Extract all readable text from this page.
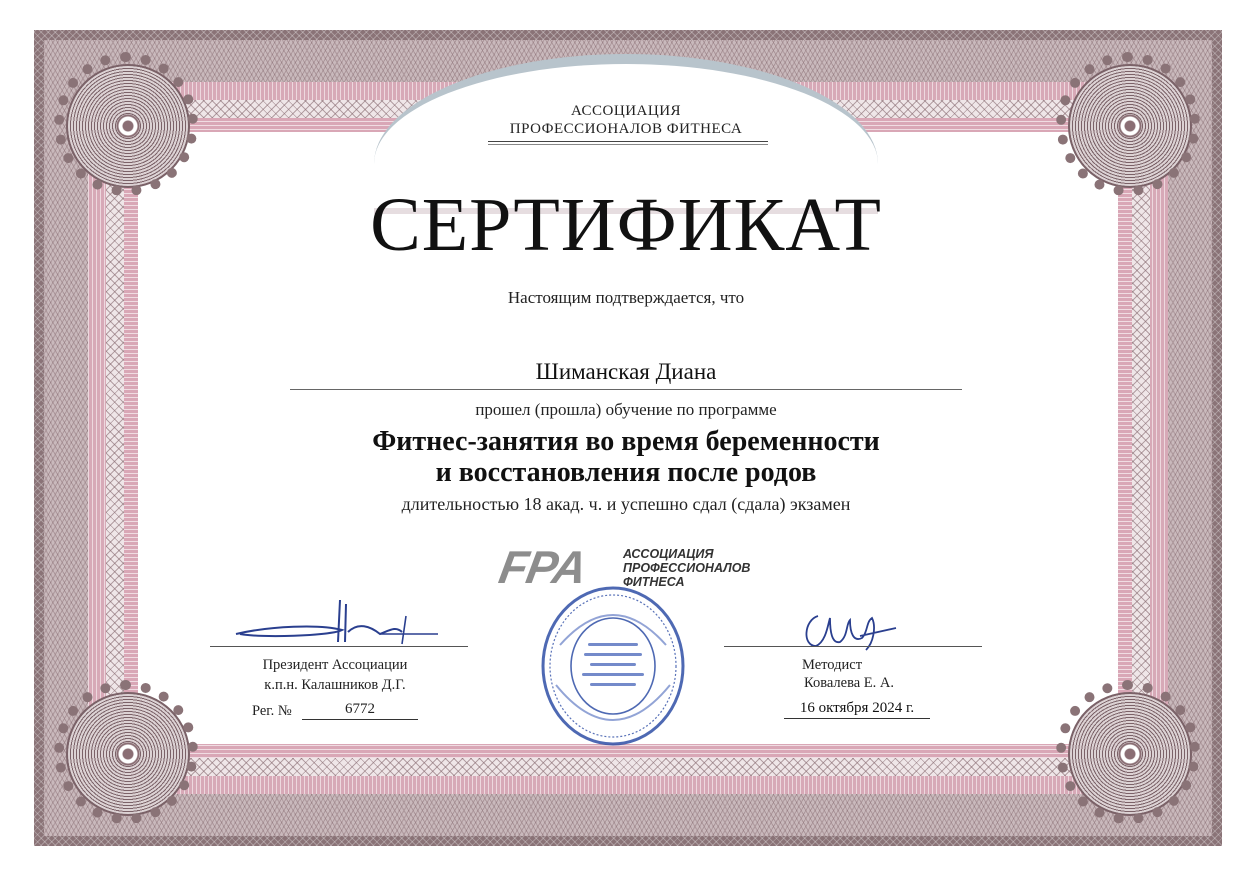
АССОЦИАЦИЯ
ПРОФЕССИОНАЛОВ ФИТНЕСА
СЕРТИФИКАТ
Настоящим подтверждается, что
Шиманская Диана
прошел (прошла) обучение по программе
Фитнес-занятия во время беременности
и восстановления после родов
длительностью 18 акад. ч. и успешно сдал (сдала) экзамен
FPA	АССОЦИАЦИЯ
ПРОФЕССИОНАЛОВ
ФИТНЕСА
Президент Ассоциации
к.п.н. Калашников Д.Г.
Рег. №	6772
Методист
Ковалева Е. А.
16 октября 2024 г.
